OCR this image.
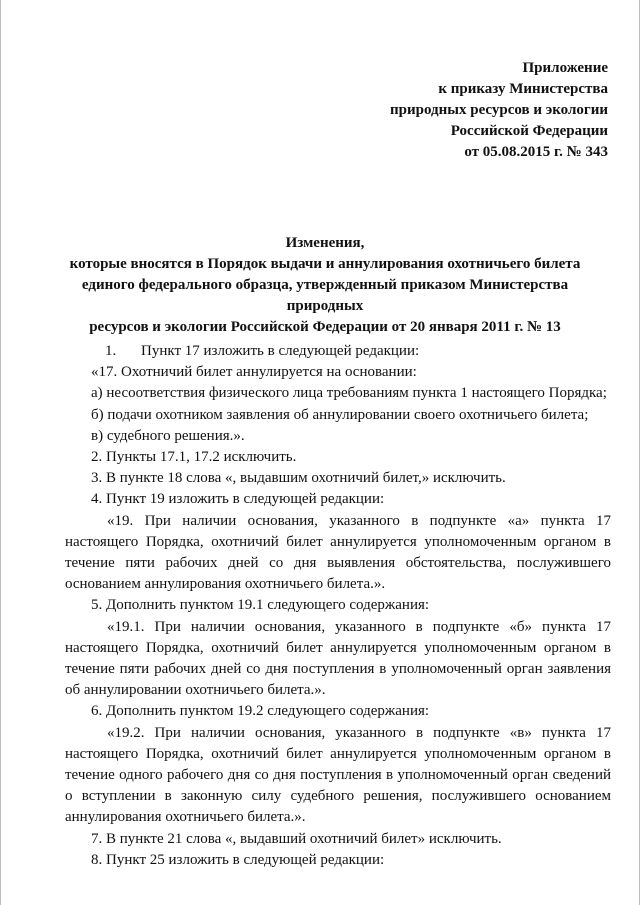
Приложение
к приказу Министерства
природных ресурсов и экологии
Российской Федерации
от 05.08.2015 г. № 343
Изменения,
которые вносятся в Порядок выдачи и аннулирования охотничьего билета
единого федерального образца, утвержденный приказом Министерства природных
ресурсов и экологии Российской Федерации от 20 января 2011 г. № 13

1. Пункт 17 изложить в следующей редакции:

«17. Охотничий билет аннулируется на основании:

а) несоответствия физического лица требованиям пункта 1 настоящего Порядка;

б) подачи охотником заявления об аннулировании своего охотничьего билета;

в) судебного решения.».

2. Пункты 17.1, 17.2 исключить.

3. В пункте 18 слова «, выдавшим охотничий билет,» исключить.

4. Пункт 19 изложить в следующей редакции:

«19. При наличии основания, указанного в подпункте «а» пункта 17 настоящего Порядка, охотничий билет аннулируется уполномоченным органом в течение пяти рабочих дней со дня выявления обстоятельства, послужившего основанием аннулирования охотничьего билета.».

5. Дополнить пунктом 19.1 следующего содержания:

«19.1. При наличии основания, указанного в подпункте «б» пункта 17 настоящего Порядка, охотничий билет аннулируется уполномоченным органом в течение пяти рабочих дней со дня поступления в уполномоченный орган заявления об аннулировании охотничьего билета.».

6. Дополнить пунктом 19.2 следующего содержания:

«19.2. При наличии основания, указанного в подпункте «в» пункта 17 настоящего Порядка, охотничий билет аннулируется уполномоченным органом в течение одного рабочего дня со дня поступления в уполномоченный орган сведений о вступлении в законную силу судебного решения, послужившего основанием аннулирования охотничьего билета.».

7. В пункте 21 слова «, выдавший охотничий билет» исключить.

8. Пункт 25 изложить в следующей редакции:
